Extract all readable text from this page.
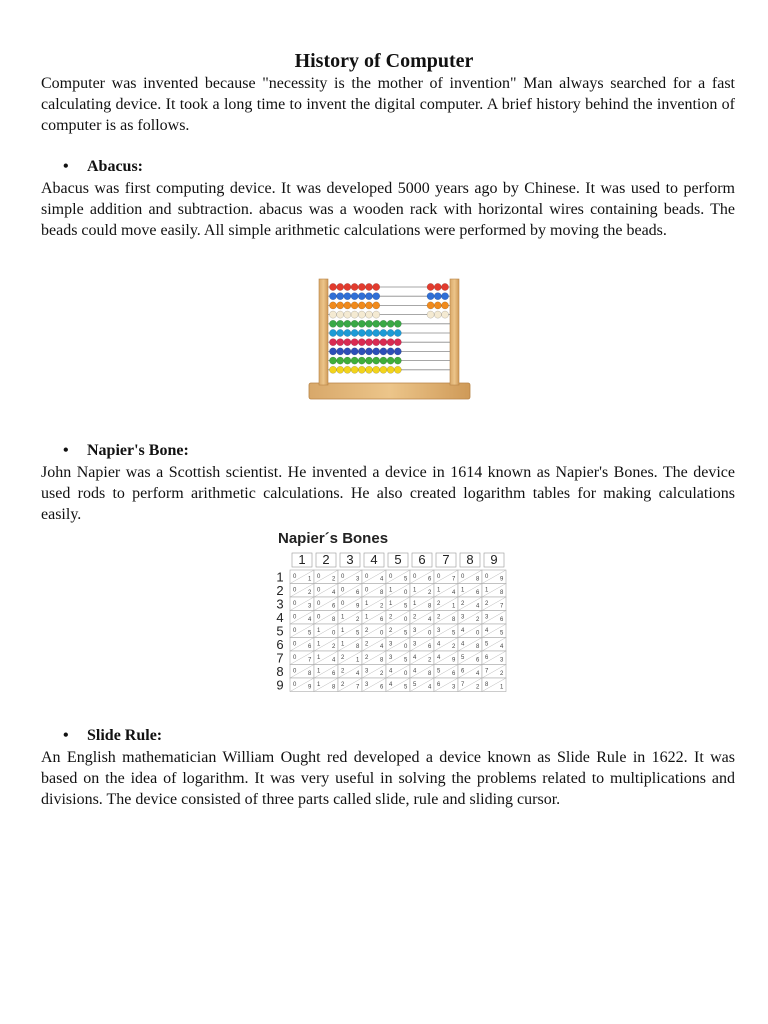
History of Computer

Computer was invented because "necessity is the mother of invention" Man always searched for a fast calculating device. It took a long time to invent the digital computer. A brief history behind the invention of computer is as follows.

• Abacus:

Abacus was first computing device. It was developed 5000 years ago by Chinese. It was used to perform simple addition and subtraction. abacus was a wooden rack with horizontal wires containing beads. The beads could move easily. All simple arithmetic calculations were performed by moving the beads.

• Napier's Bone:

John Napier was a Scottish scientist. He invented a device in 1614 known as Napier's Bones. The device used rods to perform arithmetic calculations. He also created logarithm tables for making calculations easily.

Napier´s Bones

1 2 3 4 5 6 7 8 9
1 0 1 0 2 0 3 0 4 0 5 0 6 0 7 0 8 0 9
2 0 2 0 4 0 6 0 8 1 0 1 2 1 4 1 6 1 8
3 0 3 0 6 0 9 1 2 1 5 1 8 2 1 2 4 2 7
4 0 4 0 8 1 2 1 6 2 0 2 4 2 8 3 2 3 6
5 0 5 1 0 1 5 2 0 2 5 3 0 3 5 4 0 4 5
6 0 6 1 2 1 8 2 4 3 0 3 6 4 2 4 8 5 4
7 0 7 1 4 2 1 2 8 3 5 4 2 4 9 5 6 6 3
8 0 8 1 6 2 4 3 2 4 0 4 8 5 6 6 4 7 2
9 0 9 1 8 2 7 3 6 4 5 5 4 6 3 7 2 8 1
• Slide Rule:

An English mathematician William Ought red developed a device known as Slide Rule in 1622. It was based on the idea of logarithm. It was very useful in solving the problems related to multiplications and divisions. The device consisted of three parts called slide, rule and sliding cursor.
